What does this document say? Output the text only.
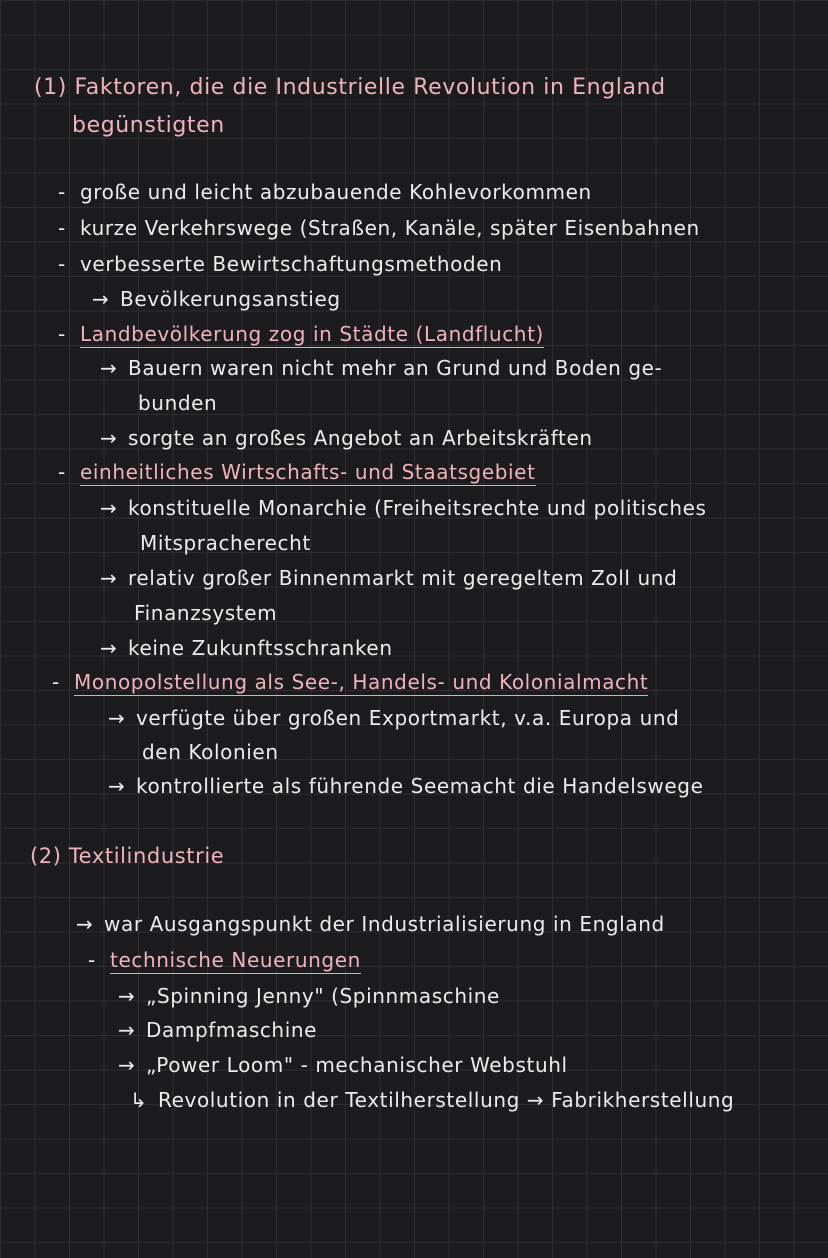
(1) Faktoren, die die Industrielle Revolution in England
begünstigten
- große und leicht abzubauende Kohlevorkommen
- kurze Verkehrswege (Straßen, Kanäle, später Eisenbahnen
- verbesserte Bewirtschaftungsmethoden
→ Bevölkerungsanstieg
- Landbevölkerung zog in Städte (Landflucht)
→ Bauern waren nicht mehr an Grund und Boden ge-
bunden
→ sorgte an großes Angebot an Arbeitskräften
- einheitliches Wirtschafts- und Staatsgebiet
→ konstituelle Monarchie (Freiheitsrechte und politisches
Mitspracherecht
→ relativ großer Binnenmarkt mit geregeltem Zoll und
Finanzsystem
→ keine Zukunftsschranken
- Monopolstellung als See-, Handels- und Kolonialmacht
→ verfügte über großen Exportmarkt, v.a. Europa und
den Kolonien
→ kontrollierte als führende Seemacht die Handelswege
(2) Textilindustrie
→ war Ausgangspunkt der Industrialisierung in England
- technische Neuerungen
→ „Spinning Jenny" (Spinnmaschine
→ Dampfmaschine
→ „Power Loom" - mechanischer Webstuhl
↳ Revolution in der Textilherstellung → Fabrikherstellung
